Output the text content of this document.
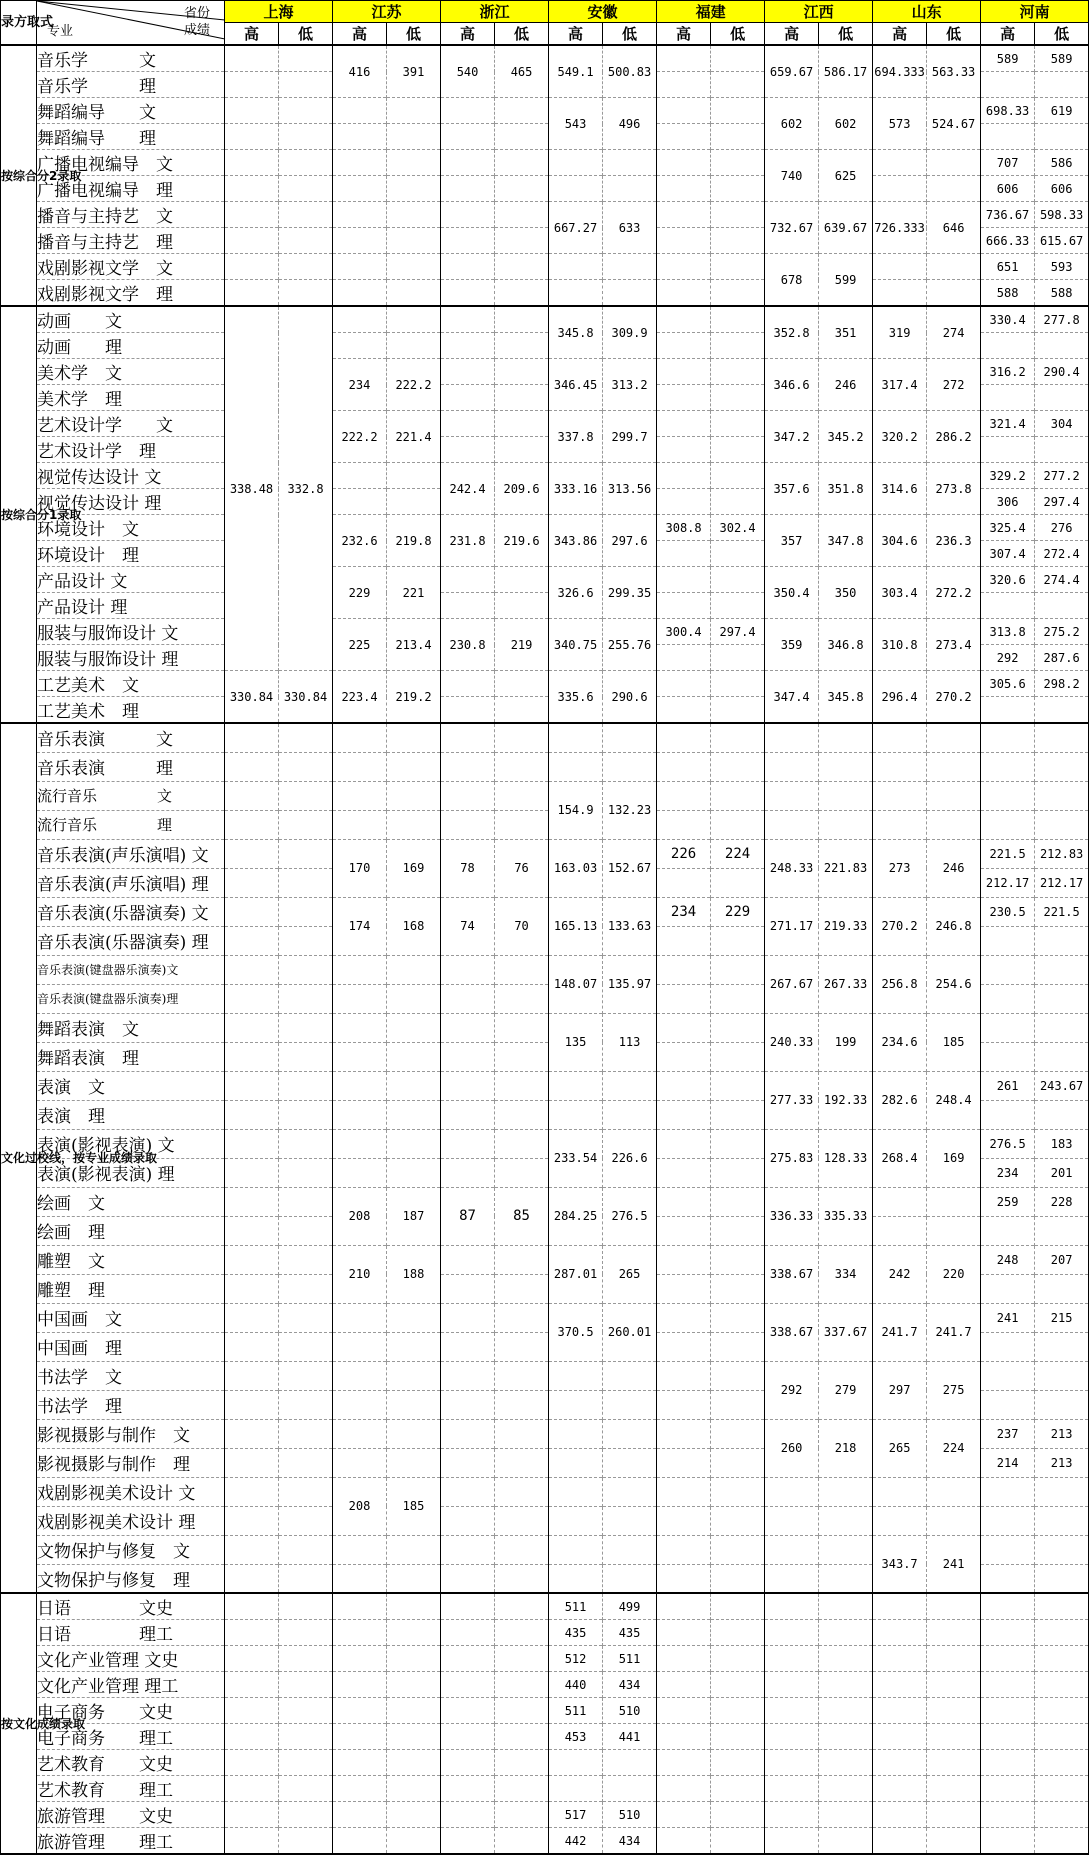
录方取式	省份
成绩
专业	上海		江苏		浙江		安徽		福建		江西		山东		河南	
		高	低	高	低	高	低	高	低	高	低	高	低	高	低	高	低
按综合分2录取	音乐学　　　文			416	391	540	465	549.1	500.83			659.67	586.17	694.333	563.33	589	589
	音乐学　　　理																
	舞蹈编导　　文							543	496			602	602	573	524.67	698.33	619
	舞蹈编导　　理																
	广播电视编导　文											740	625			707	586
	广播电视编导　理															606	606
	播音与主持艺　文							667.27	633			732.67	639.67	726.333	646	736.67	598.33
	播音与主持艺　理															666.33	615.67
	戏剧影视文学　文											678	599			651	593
	戏剧影视文学　理															588	588
按综合分1录取	动画　　文	338.48	332.8					345.8	309.9			352.8	351	319	274	330.4	277.8
	动画　　理																
	美术学　文			234	222.2			346.45	313.2			346.6	246	317.4	272	316.2	290.4
	美术学　理																
	艺术设计学　　文			222.2	221.4			337.8	299.7			347.2	345.2	320.2	286.2	321.4	304
	艺术设计学　理																
	视觉传达设计 文					242.4	209.6	333.16	313.56			357.6	351.8	314.6	273.8	329.2	277.2
	视觉传达设计 理															306	297.4
	环境设计　文			232.6	219.8	231.8	219.6	343.86	297.6	308.8	302.4	357	347.8	304.6	236.3	325.4	276
	环境设计　理															307.4	272.4
	产品设计 文			229	221			326.6	299.35			350.4	350	303.4	272.2	320.6	274.4
	产品设计 理																
	服装与服饰设计 文			225	213.4	230.8	219	340.75	255.76	300.4	297.4	359	346.8	310.8	273.4	313.8	275.2
	服装与服饰设计 理															292	287.6
	工艺美术　文	330.84	330.84	223.4	219.2			335.6	290.6			347.4	345.8	296.4	270.2	305.6	298.2
	工艺美术　理																
文化过校线，按专业成绩录取	音乐表演　　　文																
	音乐表演　　　理																
	流行音乐　　　　文							154.9	132.23								
	流行音乐　　　　理																
	音乐表演(声乐演唱) 文			170	169	78	76	163.03	152.67	226	224	248.33	221.83	273	246	221.5	212.83
	音乐表演(声乐演唱) 理															212.17	212.17
	音乐表演(乐器演奏) 文			174	168	74	70	165.13	133.63	234	229	271.17	219.33	270.2	246.8	230.5	221.5
	音乐表演(乐器演奏) 理																
	音乐表演(键盘器乐演奏)文							148.07	135.97			267.67	267.33	256.8	254.6		
	音乐表演(键盘器乐演奏)理																
	舞蹈表演　文							135	113			240.33	199	234.6	185		
	舞蹈表演　理																
	表演　文											277.33	192.33	282.6	248.4	261	243.67
	表演　理																
	表演(影视表演) 文							233.54	226.6			275.83	128.33	268.4	169	276.5	183
	表演(影视表演) 理															234	201
	绘画　文			208	187	87	85	284.25	276.5			336.33	335.33			259	228
	绘画　理																
	雕塑　文			210	188			287.01	265			338.67	334	242	220	248	207
	雕塑　理																
	中国画　文							370.5	260.01			338.67	337.67	241.7	241.7	241	215
	中国画　理																
	书法学　文											292	279	297	275		
	书法学　理																
	影视摄影与制作　文											260	218	265	224	237	213
	影视摄影与制作　理															214	213
	戏剧影视美术设计 文			208	185												
	戏剧影视美术设计 理																
	文物保护与修复　文													343.7	241		
	文物保护与修复　理																
按文化成绩录取	日语　　　　文史							511	499								
	日语　　　　理工							435	435								
	文化产业管理 文史							512	511								
	文化产业管理 理工							440	434								
	电子商务　　文史							511	510								
	电子商务　　理工							453	441								
	艺术教育　　文史																
	艺术教育　　理工																
	旅游管理　　文史							517	510								
	旅游管理　　理工							442	434								
